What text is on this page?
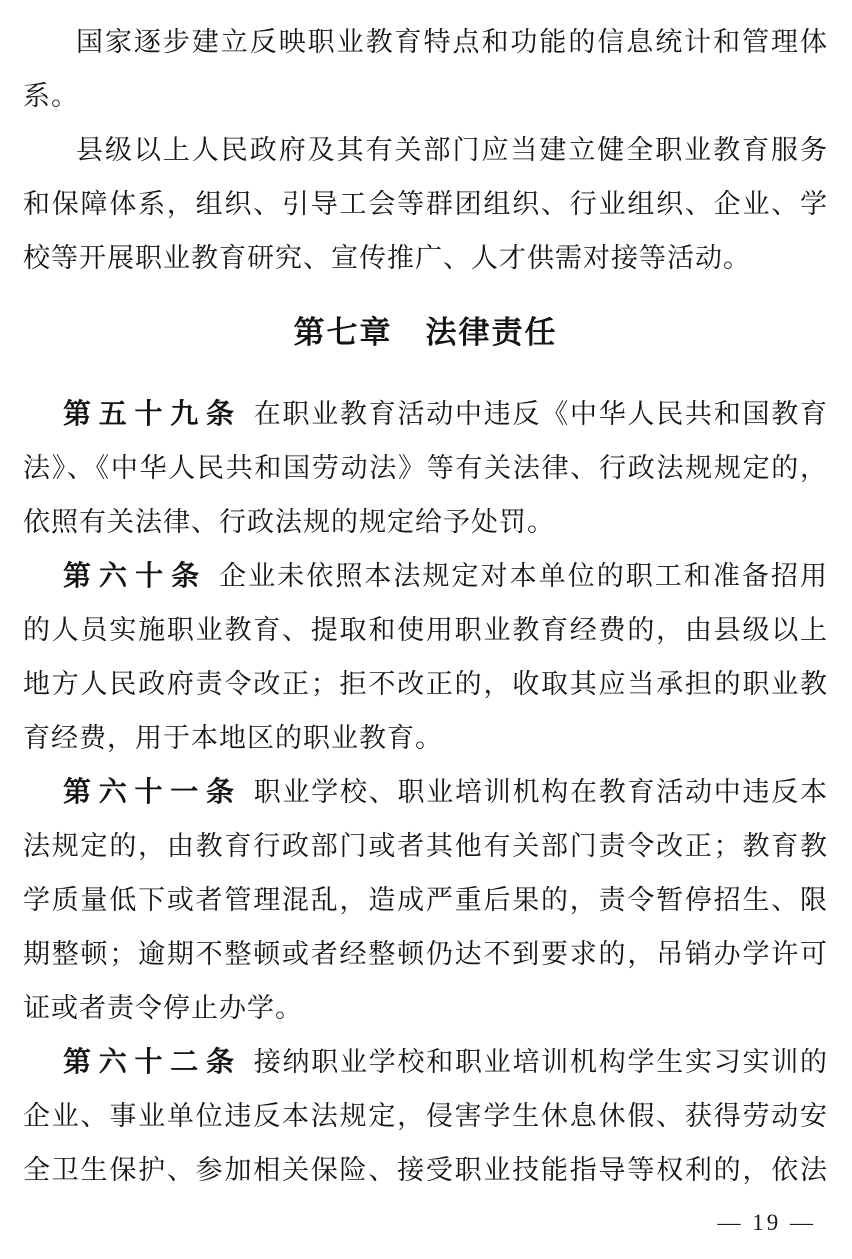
国家逐步建立反映职业教育特点和功能的信息统计和管理体
系。
县级以上人民政府及其有关部门应当建立健全职业教育服务
和保障体系，组织、引导工会等群团组织、行业组织、企业、学
校等开展职业教育研究、宣传推广、人才供需对接等活动。
第七章　法律责任
第五十九条 在职业教育活动中违反《中华人民共和国教育
法》、《中华人民共和国劳动法》等有关法律、行政法规规定的，
依照有关法律、行政法规的规定给予处罚。
第六十条 企业未依照本法规定对本单位的职工和准备招用
的人员实施职业教育、提取和使用职业教育经费的，由县级以上
地方人民政府责令改正；拒不改正的，收取其应当承担的职业教
育经费，用于本地区的职业教育。
第六十一条 职业学校、职业培训机构在教育活动中违反本
法规定的，由教育行政部门或者其他有关部门责令改正；教育教
学质量低下或者管理混乱，造成严重后果的，责令暂停招生、限
期整顿；逾期不整顿或者经整顿仍达不到要求的，吊销办学许可
证或者责令停止办学。
第六十二条 接纳职业学校和职业培训机构学生实习实训的
企业、事业单位违反本法规定，侵害学生休息休假、获得劳动安
全卫生保护、参加相关保险、接受职业技能指导等权利的，依法
— 19 —
